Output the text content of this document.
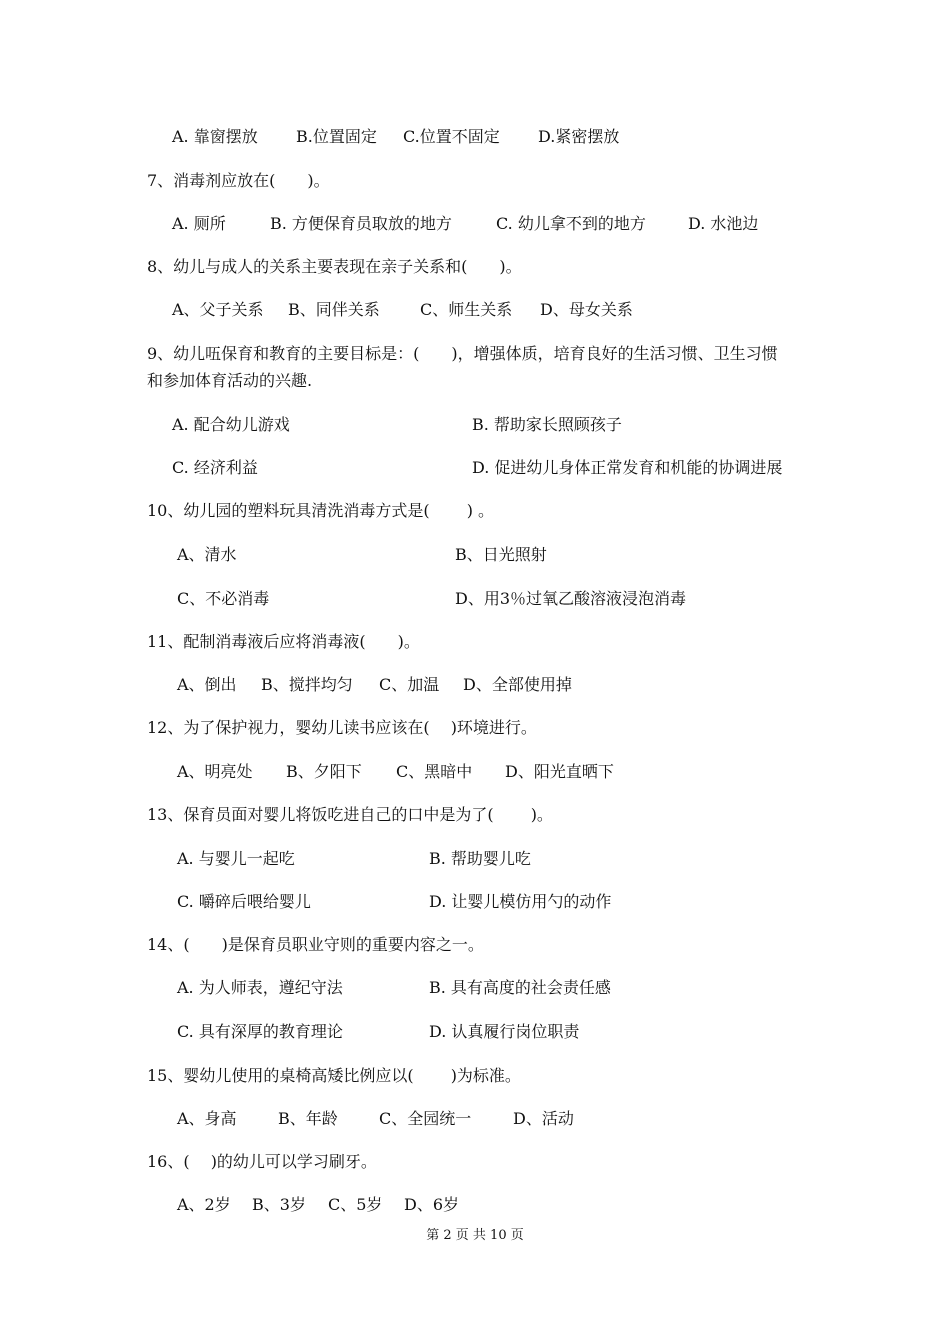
A. 靠窗摆放 B.位置固定 C.位置不固定 D.紧密摆放
7、消毒剂应放在(　　)。
A. 厕所	B. 方便保育员取放的地方	C. 幼儿拿不到的地方	D. 水池边
8、幼儿与成人的关系主要表现在亲子关系和(　　)。
A、父子关系 B、同伴关系	C、师生关系 D、母女关系
9、幼儿㕶保育和教育的主要目标是：(　　)，增强体质，培育良好的生活习惯、卫生习惯
和参加体育活动的兴趣.
A. 配合幼儿游戏	B. 帮助家长照顾孩子
C. 经济利益	D. 促进幼儿身体正常发育和机能的协调进展
10、幼儿园的塑料玩具清洗消毒方式是(　　 ) 。
A、清水	B、日光照射
C、不必消毒	D、用3％过氧乙酸溶液浸泡消毒
11、配制消毒液后应将消毒液(　　)。
A、倒出 B、搅拌均匀 C、加温 D、全部使用掉
12、为了保护视力，婴幼儿读书应该在(　 )环境进行。
A、明亮处 B、夕阳下 C、黑暗中 D、阳光直晒下
13、保育员面对婴儿将饭吃进自己的口中是为了(　　 )。
A. 与婴儿一起吃	B. 帮助婴儿吃
C. 嚼碎后喂给婴儿	D. 让婴儿模仿用勺的动作
14、(　　)是保育员职业守则的重要内容之一。
A. 为人师表，遵纪守法	B. 具有高度的社会责任感
C. 具有深厚的教育理论	D. 认真履行岗位职责
15、婴幼儿使用的桌椅高矮比例应以(　　 )为标准。
A、身高	B、年龄	C、全园统一	D、活动
16、(　 )的幼儿可以学习刷牙。
A、2岁 B、3岁 C、5岁 D、6岁
第 2 页 共 10 页
